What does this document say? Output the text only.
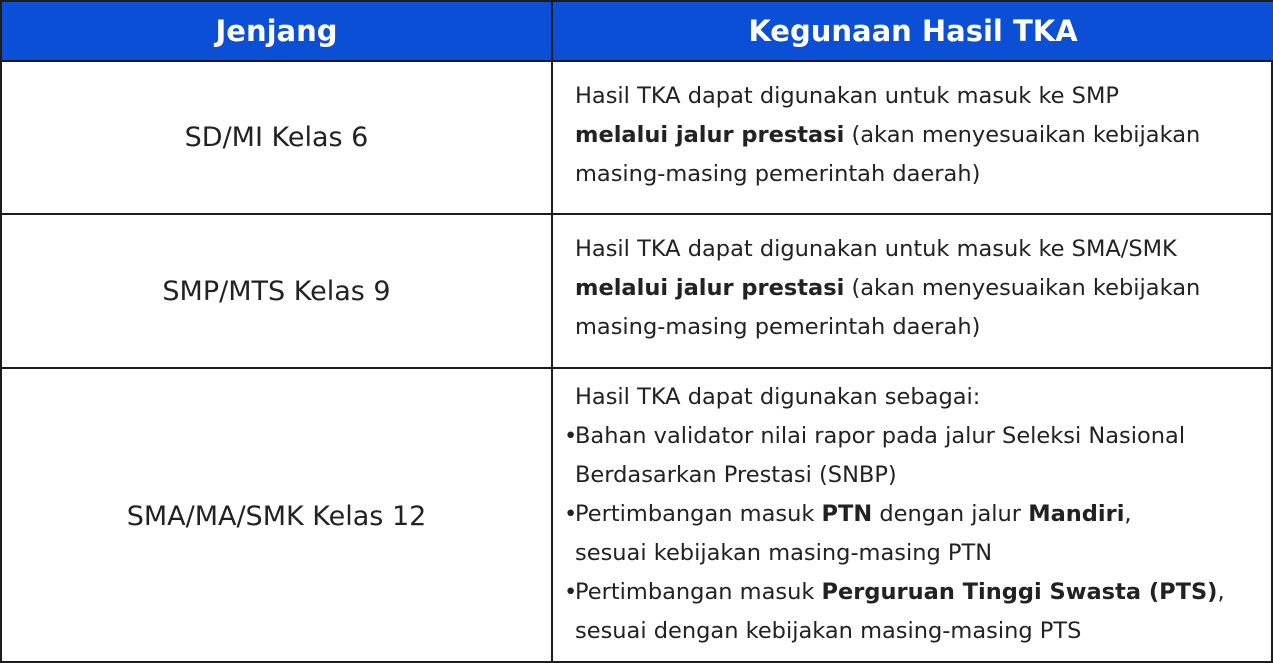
Jenjang	Kegunaan Hasil TKA
SD/MI Kelas 6
Hasil TKA dapat digunakan untuk masuk ke SMP
melalui jalur prestasi (akan menyesuaikan kebijakan
masing-masing pemerintah daerah)
SMP/MTS Kelas 9
Hasil TKA dapat digunakan untuk masuk ke SMA/SMK
melalui jalur prestasi (akan menyesuaikan kebijakan
masing-masing pemerintah daerah)
SMA/MA/SMK Kelas 12
Hasil TKA dapat digunakan sebagai:
•
Bahan validator nilai rapor pada jalur Seleksi Nasional
Berdasarkan Prestasi (SNBP)
•
Pertimbangan masuk PTN dengan jalur Mandiri,
sesuai kebijakan masing-masing PTN
•
Pertimbangan masuk Perguruan Tinggi Swasta (PTS),
sesuai dengan kebijakan masing-masing PTS
